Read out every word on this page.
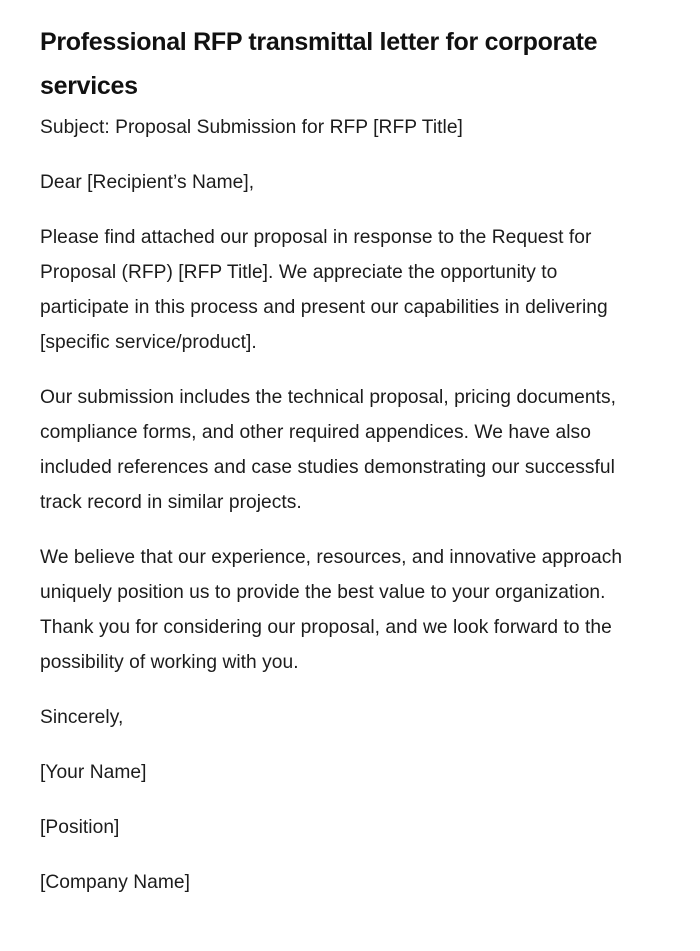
Professional RFP transmittal letter for corporate services

Subject: Proposal Submission for RFP [RFP Title]

Dear [Recipient’s Name],

Please find attached our proposal in response to the Request for Proposal (RFP) [RFP Title]. We appreciate the opportunity to participate in this process and present our capabilities in delivering [specific service/product].

Our submission includes the technical proposal, pricing documents, compliance forms, and other required appendices. We have also included references and case studies demonstrating our successful track record in similar projects.

We believe that our experience, resources, and innovative approach uniquely position us to provide the best value to your organization. Thank you for considering our proposal, and we look forward to the possibility of working with you.

Sincerely,

[Your Name]

[Position]

[Company Name]
